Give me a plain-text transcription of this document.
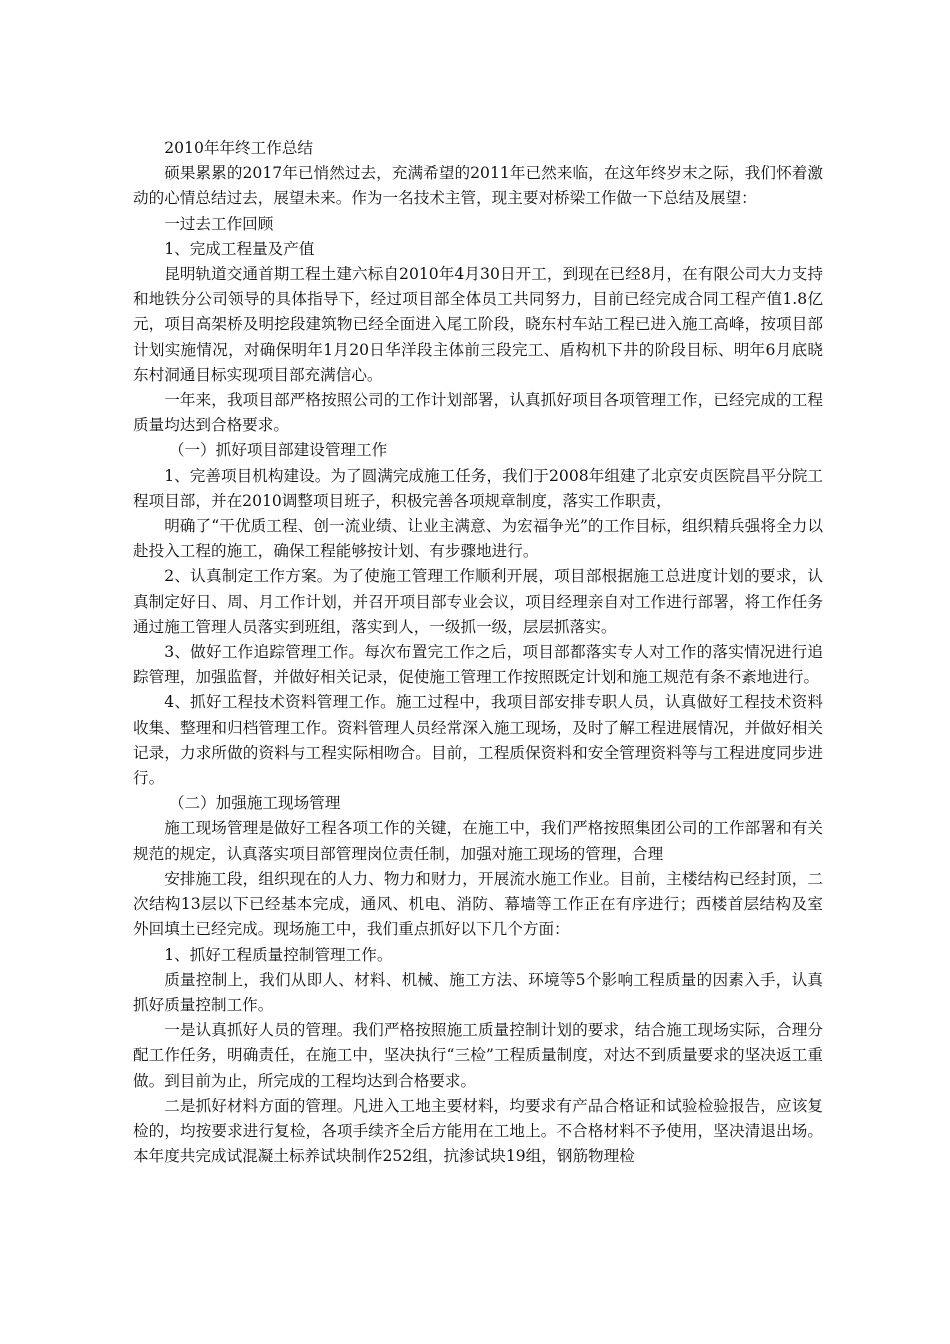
2010年年终工作总结

硕果累累的2017年已悄然过去，充满希望的2011年已然来临，在这年终岁末之际，我们怀着激动的心情总结过去，展望未来。作为一名技术主管，现主要对桥梁工作做一下总结及展望：

一过去工作回顾

1、完成工程量及产值

昆明轨道交通首期工程土建六标自2010年4月30日开工，到现在已经8月，在有限公司大力支持和地铁分公司领导的具体指导下，经过项目部全体员工共同努力，目前已经完成合同工程产值1.8亿元，项目高架桥及明挖段建筑物已经全面进入尾工阶段，晓东村车站工程已进入施工高峰，按项目部计划实施情况，对确保明年1月20日华洋段主体前三段完工、盾构机下井的阶段目标、明年6月底晓东村洞通目标实现项目部充满信心。

一年来，我项目部严格按照公司的工作计划部署，认真抓好项目各项管理工作，已经完成的工程质量均达到合格要求。

（一）抓好项目部建设管理工作

1、完善项目机构建设。为了圆满完成施工任务，我们于2008年组建了北京安贞医院昌平分院工程项目部，并在2010调整项目班子，积极完善各项规章制度，落实工作职责，

明确了“干优质工程、创一流业绩、让业主满意、为宏福争光”的工作目标，组织精兵强将全力以赴投入工程的施工，确保工程能够按计划、有步骤地进行。

2、认真制定工作方案。为了使施工管理工作顺利开展，项目部根据施工总进度计划的要求，认真制定好日、周、月工作计划，并召开项目部专业会议，项目经理亲自对工作进行部署，将工作任务通过施工管理人员落实到班组，落实到人，一级抓一级，层层抓落实。

3、做好工作追踪管理工作。每次布置完工作之后，项目部都落实专人对工作的落实情况进行追踪管理，加强监督，并做好相关记录，促使施工管理工作按照既定计划和施工规范有条不紊地进行。

4、抓好工程技术资料管理工作。施工过程中，我项目部安排专职人员，认真做好工程技术资料收集、整理和归档管理工作。资料管理人员经常深入施工现场，及时了解工程进展情况，并做好相关记录，力求所做的资料与工程实际相吻合。目前，工程质保资料和安全管理资料等与工程进度同步进行。

（二）加强施工现场管理

施工现场管理是做好工程各项工作的关键，在施工中，我们严格按照集团公司的工作部署和有关规范的规定，认真落实项目部管理岗位责任制，加强对施工现场的管理，合理

安排施工段，组织现在的人力、物力和财力，开展流水施工作业。目前，主楼结构已经封顶，二次结构13层以下已经基本完成，通风、机电、消防、幕墙等工作正在有序进行；西楼首层结构及室外回填土已经完成。现场施工中，我们重点抓好以下几个方面：

1、抓好工程质量控制管理工作。

质量控制上，我们从即人、材料、机械、施工方法、环境等5个影响工程质量的因素入手，认真抓好质量控制工作。

一是认真抓好人员的管理。我们严格按照施工质量控制计划的要求，结合施工现场实际，合理分配工作任务，明确责任，在施工中，坚决执行“三检”工程质量制度，对达不到质量要求的坚决返工重做。到目前为止，所完成的工程均达到合格要求。

二是抓好材料方面的管理。凡进入工地主要材料，均要求有产品合格证和试验检验报告，应该复检的，均按要求进行复检，各项手续齐全后方能用在工地上。不合格材料不予使用，坚决清退出场。本年度共完成试混凝土标养试块制作252组，抗渗试块19组，钢筋物理检
